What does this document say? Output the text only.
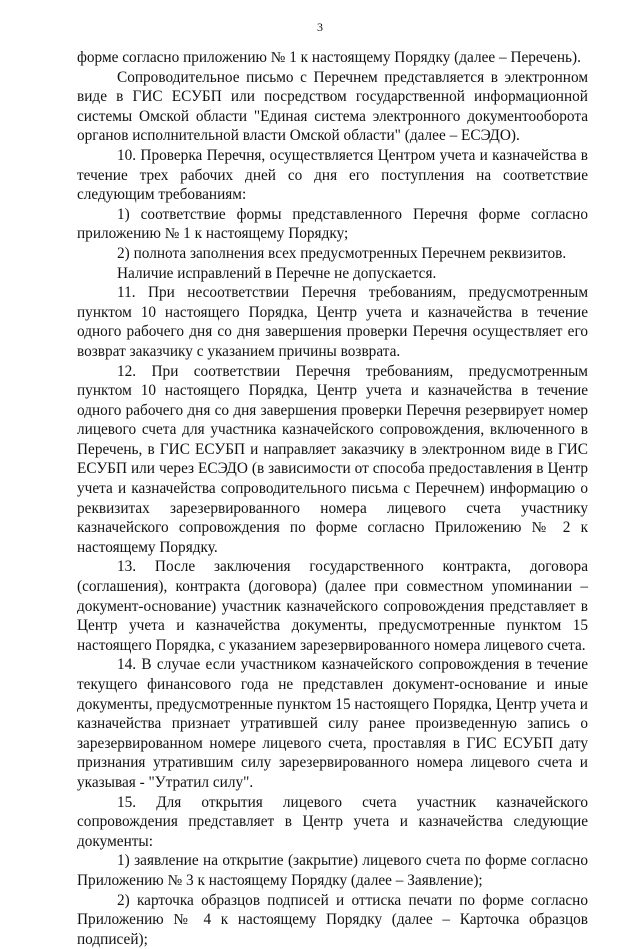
3

форме согласно приложению № 1 к настоящему Порядку (далее – Перечень).

Сопроводительное письмо с Перечнем представляется в электронном виде в ГИС ЕСУБП или посредством государственной информационной системы Омской области "Единая система электронного документооборота органов исполнительной власти Омской области" (далее – ЕСЭДО).

10. Проверка Перечня, осуществляется Центром учета и казначейства в течение трех рабочих дней со дня его поступления на соответствие следующим требованиям:

1) соответствие формы представленного Перечня форме согласно приложению № 1 к настоящему Порядку;

2) полнота заполнения всех предусмотренных Перечнем реквизитов.

Наличие исправлений в Перечне не допускается.

11. При несоответствии Перечня требованиям, предусмотренным пунктом 10 настоящего Порядка, Центр учета и казначейства в течение одного рабочего дня со дня завершения проверки Перечня осуществляет его возврат заказчику с указанием причины возврата.

12. При соответствии Перечня требованиям, предусмотренным пунктом 10 настоящего Порядка, Центр учета и казначейства в течение одного рабочего дня со дня завершения проверки Перечня резервирует номер лицевого счета для участника казначейского сопровождения, включенного в Перечень, в ГИС ЕСУБП и направляет заказчику в электронном виде в ГИС ЕСУБП или через ЕСЭДО (в зависимости от способа предоставления в Центр учета и казначейства сопроводительного письма с Перечнем) информацию о реквизитах зарезервированного номера лицевого счета участнику казначейского сопровождения по форме согласно Приложению № 2 к настоящему Порядку.

13. После заключения государственного контракта, договора (соглашения), контракта (договора) (далее при совместном упоминании – документ-основание) участник казначейского сопровождения представляет в Центр учета и казначейства документы, предусмотренные пунктом 15 настоящего Порядка, с указанием зарезервированного номера лицевого счета.

14. В случае если участником казначейского сопровождения в течение текущего финансового года не представлен документ-основание и иные документы, предусмотренные пунктом 15 настоящего Порядка, Центр учета и казначейства признает утратившей силу ранее произведенную запись о зарезервированном номере лицевого счета, проставляя в ГИС ЕСУБП дату признания утратившим силу зарезервированного номера лицевого счета и указывая - "Утратил силу".

15. Для открытия лицевого счета участник казначейского сопровождения представляет в Центр учета и казначейства следующие документы:

1) заявление на открытие (закрытие) лицевого счета по форме согласно Приложению № 3 к настоящему Порядку (далее – Заявление);

2) карточка образцов подписей и оттиска печати по форме согласно Приложению № 4 к настоящему Порядку (далее – Карточка образцов подписей);
